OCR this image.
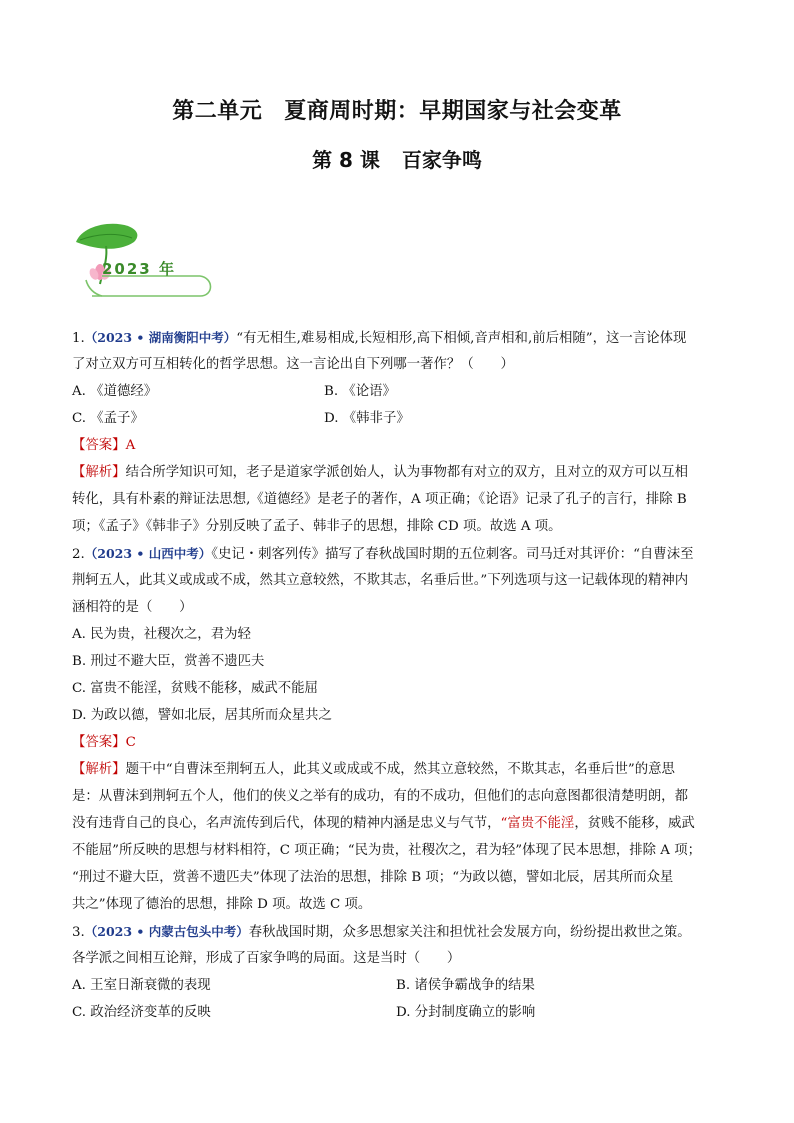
第二单元 夏商周时期：早期国家与社会变革
第 8 课 百家争鸣
2023 年
1.（2023 • 湖南衡阳中考）“有无相生,难易相成,长短相形,高下相倾,音声相和,前后相随”，这一言论体现
了对立双方可互相转化的哲学思想。这一言论出自下列哪一著作？（　　）
A. 《道德经》	B. 《论语》
C. 《孟子》	D. 《韩非子》
【答案】A
【解析】结合所学知识可知，老子是道家学派创始人，认为事物都有对立的双方，且对立的双方可以互相
转化，具有朴素的辩证法思想,《道德经》是老子的著作，A 项正确；《论语》记录了孔子的言行，排除 B
项；《孟子》《韩非子》分别反映了孟子、韩非子的思想，排除 CD 项。故选 A 项。
2.（2023 • 山西中考）《史记・刺客列传》描写了春秋战国时期的五位刺客。司马迁对其评价：“自曹沫至
荆轲五人，此其义或成或不成，然其立意较然，不欺其志，名垂后世。”下列选项与这一记载体现的精神内
涵相符的是（　　）
A. 民为贵，社稷次之，君为轻
B. 刑过不避大臣，赏善不遗匹夫
C. 富贵不能淫，贫贱不能移，威武不能屈
D. 为政以德，譬如北辰，居其所而众星共之
【答案】C
【解析】题干中“自曹沫至荆轲五人，此其义或成或不成，然其立意较然，不欺其志，名垂后世”的意思
是：从曹沫到荆轲五个人，他们的侠义之举有的成功，有的不成功，但他们的志向意图都很清楚明朗，都
没有违背自己的良心，名声流传到后代，体现的精神内涵是忠义与气节，“富贵不能淫，贫贱不能移，威武
不能屈”所反映的思想与材料相符，C 项正确；“民为贵，社稷次之，君为轻”体现了民本思想，排除 A 项；
“刑过不避大臣，赏善不遗匹夫”体现了法治的思想，排除 B 项；“为政以德，譬如北辰，居其所而众星
共之”体现了德治的思想，排除 D 项。故选 C 项。
3.（2023 • 内蒙古包头中考）春秋战国时期，众多思想家关注和担忧社会发展方向，纷纷提出救世之策。
各学派之间相互论辩，形成了百家争鸣的局面。这是当时（　　）
A. 王室日渐衰微的表现	B. 诸侯争霸战争的结果
C. 政治经济变革的反映	D. 分封制度确立的影响
